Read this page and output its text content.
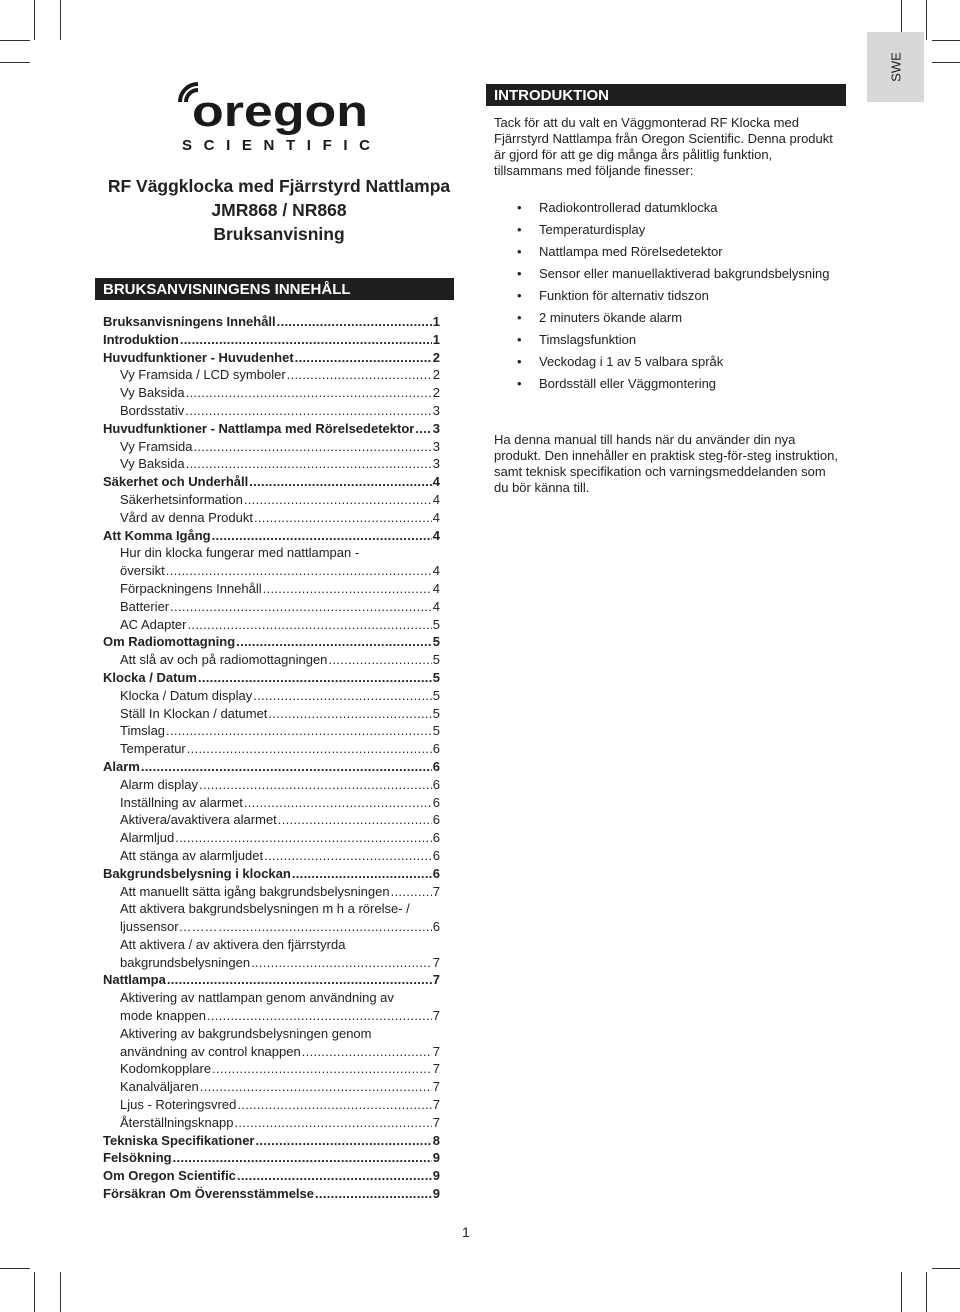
oregon
SCIENTIFIC
RF Väggklocka med Fjärrstyrd Nattlampa
JMR868 / NR868
Bruksanvisning
BRUKSANVISNINGENS INNEHÅLL
Bruksanvisningens Innehåll .....	1
Introduktion .....	1
Huvudfunktioner - Huvudenhet .....	2
Vy Framsida / LCD symboler .....	2
Vy Baksida .....	2
Bordsstativ .....	3
Huvudfunktioner - Nattlampa med Rörelsedetektor ..... 3
Vy Framsida .....	3
Vy Baksida .....	3
Säkerhet och Underhåll .....	4
Säkerhetsinformation .....	4
Vård av denna Produkt .....	4
Att Komma Igång .....	4
Hur din klocka fungerar med nattlampan -
översikt .....	4
Förpackningens Innehåll .....	4
Batterier .....	4
AC Adapter .....	5
Om Radiomottagning .....	5
Att slå av och på radiomottagningen .....	5
Klocka / Datum .....	5
Klocka / Datum display .....	5
Ställ In Klockan / datumet .....	5
Timslag .....	5
Temperatur .....	6
Alarm .....	6
Alarm display .....	6
Inställning av alarmet .....	6
Aktivera/avaktivera alarmet .....	6
Alarmljud .....	6
Att stänga av alarmljudet .....	6
Bakgrundsbelysning i klockan .....	6
Att manuellt sätta igång bakgrundsbelysningen .....	7
Att aktivera bakgrundsbelysningen m h a rörelse- /
ljussensor……… .....	6
Att aktivera / av aktivera den fjärrstyrda
bakgrundsbelysningen .....	7
Nattlampa .....	7
Aktivering av nattlampan genom användning av
mode knappen .....	7
Aktivering av bakgrundsbelysningen genom
användning av control knappen .....	7
Kodomkopplare .....	7
Kanalväljaren .....	7
Ljus - Roteringsvred .....	7
Återställningsknapp .....	7
Tekniska Specifikationer .....	8
Felsökning .....	9
Om Oregon Scientific .....	9
Försäkran Om Överensstämmelse .....	9
INTRODUKTION
Tack för att du valt en Väggmonterad RF Klocka med Fjärrstyrd Nattlampa från Oregon Scientific. Denna produkt är gjord för att ge dig många års pålitlig funktion, tillsammans med följande finesser:
• Radiokontrollerad datumklocka
• Temperaturdisplay
• Nattlampa med Rörelsedetektor
• Sensor eller manuellaktiverad bakgrundsbelysning
• Funktion för alternativ tidszon
• 2 minuters ökande alarm
• Timslagsfunktion
• Veckodag i 1 av 5 valbara språk
• Bordsställ eller Väggmontering
Ha denna manual till hands när du använder din nya produkt. Den innehåller en praktisk steg-för-steg instruktion, samt teknisk specifikation och varningsmeddelanden som du bör känna till.
SWE
1
